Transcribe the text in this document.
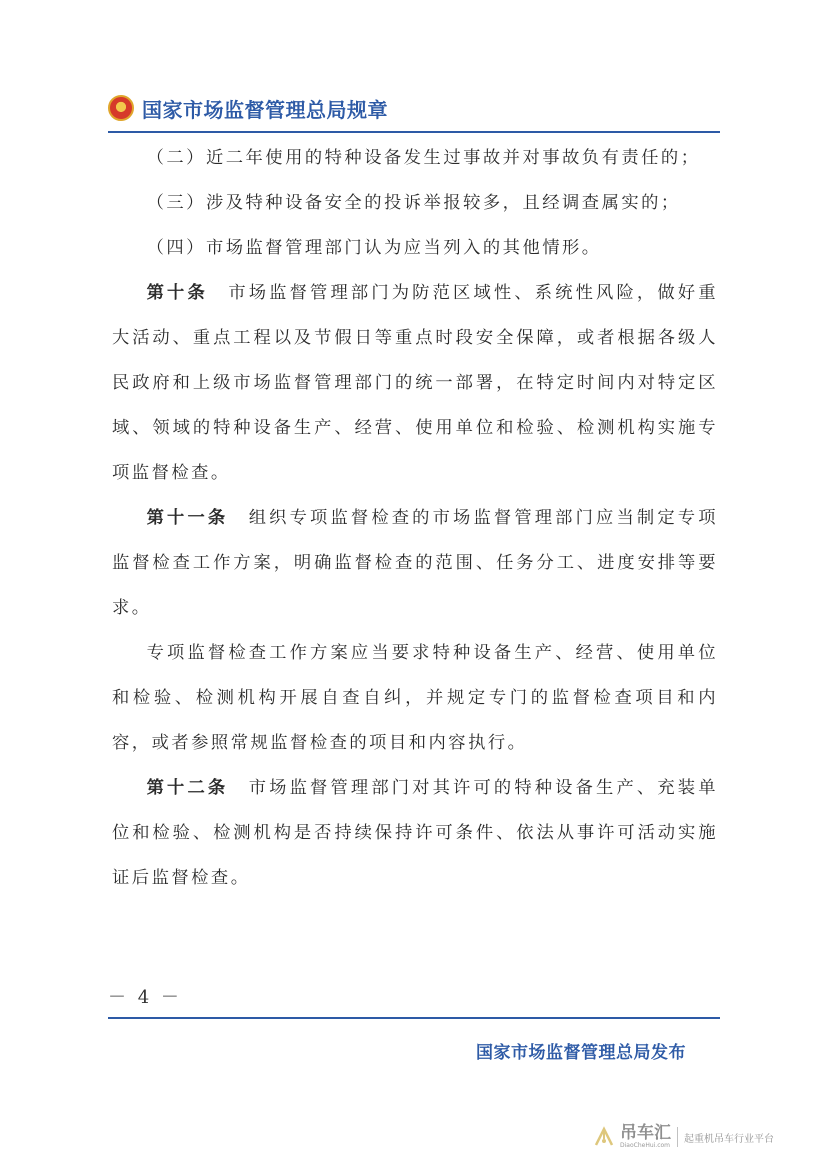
国家市场监督管理总局规章

（二）近二年使用的特种设备发生过事故并对事故负有责任的；

（三）涉及特种设备安全的投诉举报较多，且经调查属实的；

（四）市场监督管理部门认为应当列入的其他情形。

第十条  市场监督管理部门为防范区域性、系统性风险，做好重大活动、重点工程以及节假日等重点时段安全保障，或者根据各级人民政府和上级市场监督管理部门的统一部署，在特定时间内对特定区域、领域的特种设备生产、经营、使用单位和检验、检测机构实施专项监督检查。

第十一条  组织专项监督检查的市场监督管理部门应当制定专项监督检查工作方案，明确监督检查的范围、任务分工、进度安排等要求。

专项监督检查工作方案应当要求特种设备生产、经营、使用单位和检验、检测机构开展自查自纠，并规定专门的监督检查项目和内容，或者参照常规监督检查的项目和内容执行。

第十二条  市场监督管理部门对其许可的特种设备生产、充装单位和检验、检测机构是否持续保持许可条件、依法从事许可活动实施证后监督检查。

－ 4 －
国家市场监督管理总局发布
吊车汇
DiaoCheHui.com
起重机吊车行业平台
